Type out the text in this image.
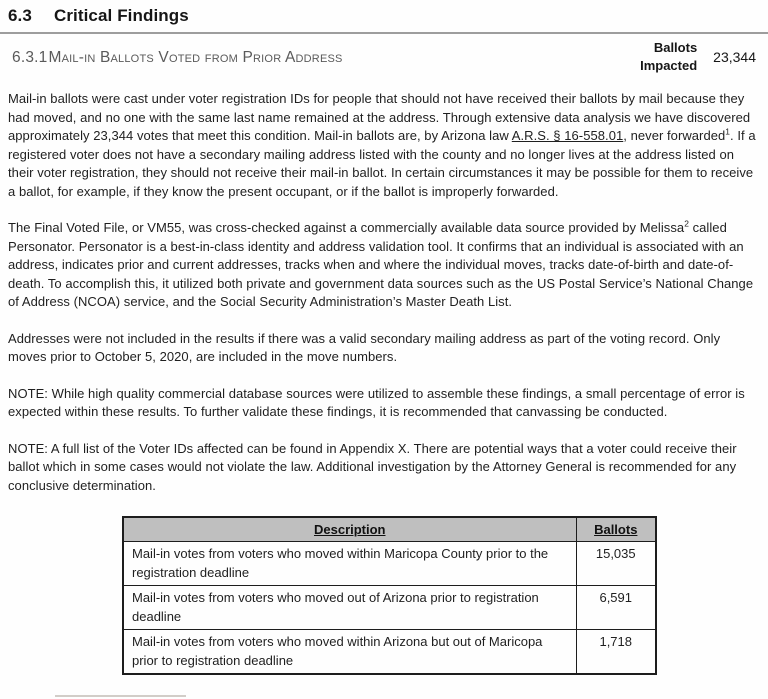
6.3 Critical Findings
6.3.1Mail-in Ballots Voted from Prior Address
Ballots
Impacted
23,344

Mail-in ballots were cast under voter registration IDs for people that should not have received their ballots by mail because they had moved, and no one with the same last name remained at the address. Through extensive data analysis we have discovered approximately 23,344 votes that meet this condition. Mail-in ballots are, by Arizona law A.R.S. § 16-558.01, never forwarded$^1$. If a registered voter does not have a secondary mailing address listed with the county and no longer lives at the address listed on their voter registration, they should not receive their mail-in ballot. In certain circumstances it may be possible for them to receive a ballot, for example, if they know the present occupant, or if the ballot is improperly forwarded.

The Final Voted File, or VM55, was cross-checked against a commercially available data source provided by Melissa$^2$ called Personator. Personator is a best-in-class identity and address validation tool. It confirms that an individual is associated with an address, indicates prior and current addresses, tracks when and where the individual moves, tracks date-of-birth and date-of-death. To accomplish this, it utilized both private and government data sources such as the US Postal Service’s National Change of Address (NCOA) service, and the Social Security Administration’s Master Death List.

Addresses were not included in the results if there was a valid secondary mailing address as part of the voting record. Only moves prior to October 5, 2020, are included in the move numbers.

NOTE: While high quality commercial database sources were utilized to assemble these findings, a small percentage of error is expected within these results. To further validate these findings, it is recommended that canvassing be conducted.

NOTE: A full list of the Voter IDs affected can be found in Appendix X. There are potential ways that a voter could receive their ballot which in some cases would not violate the law. Additional investigation by the Attorney General is recommended for any conclusive determination.

Description	Ballots
Mail-in votes from voters who moved within Maricopa County prior to the registration deadline	15,035
Mail-in votes from voters who moved out of Arizona prior to registration deadline	6,591
Mail-in votes from voters who moved within Arizona but out of Maricopa prior to registration deadline	1,718
